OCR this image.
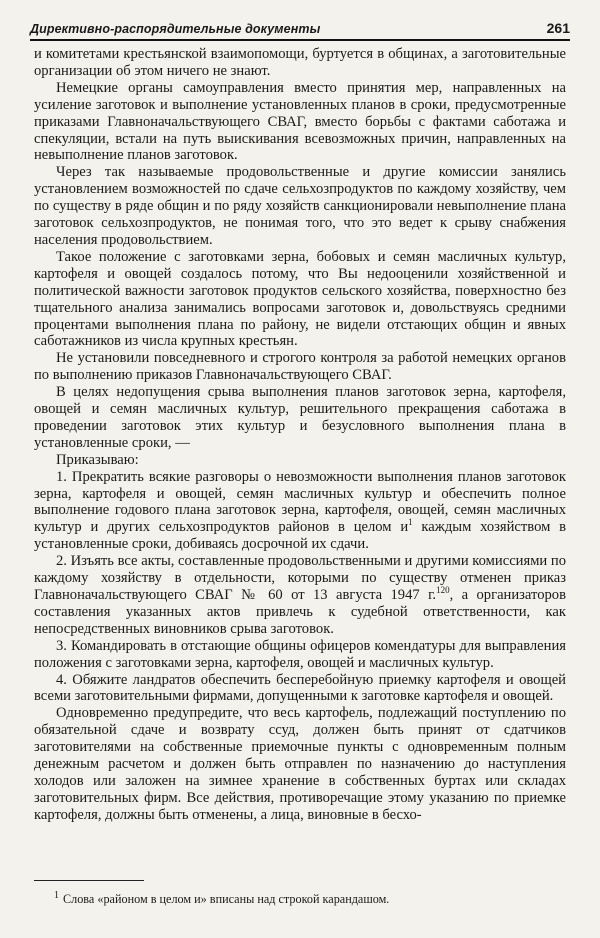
Директивно-распорядительные документы	261

и комитетами крестьянской взаимопомощи, буртуется в общинах, а заготовительные организации об этом ничего не знают.

Немецкие органы самоуправления вместо принятия мер, направленных на усиление заготовок и выполнение установленных планов в сроки, предусмотренные приказами Главноначальствующего СВАГ, вместо борьбы с фактами саботажа и спекуляции, встали на путь выискивания всевозможных причин, направленных на невыполнение планов заготовок.

Через так называемые продовольственные и другие комиссии занялись установлением возможностей по сдаче сельхозпродуктов по каждому хозяйству, чем по существу в ряде общин и по ряду хозяйств санкционировали невыполнение плана заготовок сельхозпродуктов, не понимая того, что это ведет к срыву снабжения населения продовольствием.

Такое положение с заготовками зерна, бобовых и семян масличных культур, картофеля и овощей создалось потому, что Вы недооценили хозяйственной и политической важности заготовок продуктов сельского хозяйства, поверхностно без тщательного анализа занимались вопросами заготовок и, довольствуясь средними процентами выполнения плана по району, не видели отстающих общин и явных саботажников из числа крупных крестьян.

Не установили повседневного и строгого контроля за работой немецких органов по выполнению приказов Главноначальствующего СВАГ.

В целях недопущения срыва выполнения планов заготовок зерна, картофеля, овощей и семян масличных культур, решительного прекращения саботажа в проведении заготовок этих культур и безусловного выполнения плана в установленные сроки, —

Приказываю:

1. Прекратить всякие разговоры о невозможности выполнения планов заготовок зерна, картофеля и овощей, семян масличных культур и обеспечить полное выполнение годового плана заготовок зерна, картофеля, овощей, семян масличных культур и других сельхозпродуктов районов в целом $и^1$ каждым хозяйством в установленные сроки, добиваясь досрочной их сдачи.

2. Изъять все акты, составленные продовольственными и другими комиссиями по каждому хозяйству в отдельности, которыми по существу отменен приказ Главноначальствующего СВАГ № 60 от 13 августа 1947 г.$^{120}$, а организаторов составления указанных актов привлечь к судебной ответственности, как непосредственных виновников срыва заготовок.

3. Командировать в отстающие общины офицеров комендатуры для выправления положения с заготовками зерна, картофеля, овощей и масличных культур.

4. Обяжите ландратов обеспечить бесперебойную приемку картофеля и овощей всеми заготовительными фирмами, допущенными к заготовке картофеля и овощей.

Одновременно предупредите, что весь картофель, подлежащий поступлению по обязательной сдаче и возврату ссуд, должен быть принят от сдатчиков заготовителями на собственные приемочные пункты с одновременным полным денежным расчетом и должен быть отправлен по назначению до наступления холодов или заложен на зимнее хранение в собственных буртах или складах заготовительных фирм. Все действия, противоречащие этому указанию по приемке картофеля, должны быть отменены, а лица, виновные в бесхо-

$^1$ Слова «районом в целом и» вписаны над строкой карандашом.
